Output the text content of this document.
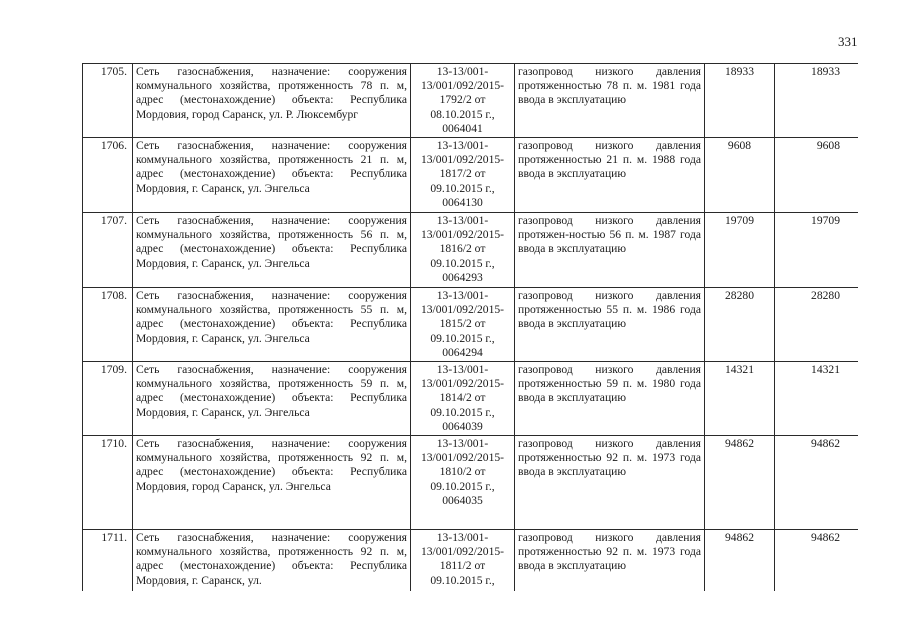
331
1705.	Сеть газоснабжения, назначение: сооружения коммунального хозяйства, протяженность 78 п. м, адрес (местонахождение) объекта: Республика Мордовия, город Саранск, ул. Р. Люксембург	13-13/001-
13/001/092/2015-
1792/2 от
08.10.2015 г.,
0064041	газопровод низкого давления протяженностью 78 п. м. 1981 года ввода в эксплуатацию	18933	18933
1706.	Сеть газоснабжения, назначение: сооружения коммунального хозяйства, протяженность 21 п. м, адрес (местонахождение) объекта: Республика Мордовия, г. Саранск, ул. Энгельса	13-13/001-
13/001/092/2015-
1817/2 от
09.10.2015 г.,
0064130	газопровод низкого давления протяженностью 21 п. м. 1988 года ввода в эксплуатацию	9608	9608
1707.	Сеть газоснабжения, назначение: сооружения коммунального хозяйства, протяженность 56 п. м, адрес (местонахождение) объекта: Республика Мордовия, г. Саранск, ул. Энгельса	13-13/001-
13/001/092/2015-
1816/2 от
09.10.2015 г.,
0064293	газопровод низкого давления протяжен-ностью 56 п. м. 1987 года ввода в эксплуатацию	19709	19709
1708.	Сеть газоснабжения, назначение: сооружения коммунального хозяйства, протяженность 55 п. м, адрес (местонахождение) объекта: Республика Мордовия, г. Саранск, ул. Энгельса	13-13/001-
13/001/092/2015-
1815/2 от
09.10.2015 г.,
0064294	газопровод низкого давления протяженностью 55 п. м. 1986 года ввода в эксплуатацию	28280	28280
1709.	Сеть газоснабжения, назначение: сооружения коммунального хозяйства, протяженность 59 п. м, адрес (местонахождение) объекта: Республика Мордовия, г. Саранск, ул. Энгельса	13-13/001-
13/001/092/2015-
1814/2 от
09.10.2015 г.,
0064039	газопровод низкого давления протяженностью 59 п. м. 1980 года ввода в эксплуатацию	14321	14321
1710.	Сеть газоснабжения, назначение: сооружения коммунального хозяйства, протяженность 92 п. м, адрес (местонахождение) объекта: Республика Мордовия, город Саранск, ул. Энгельса	13-13/001-
13/001/092/2015-
1810/2 от
09.10.2015 г.,
0064035	газопровод низкого давления протяженностью 92 п. м. 1973 года ввода в эксплуатацию	94862	94862
1711.	Сеть газоснабжения, назначение: сооружения коммунального хозяйства, протяженность 92 п. м, адрес (местонахождение) объекта: Республика Мордовия, г. Саранск, ул.	13-13/001-
13/001/092/2015-
1811/2 от
09.10.2015 г.,	газопровод низкого давления протяженностью 92 п. м. 1973 года ввода в эксплуатацию	94862	94862
